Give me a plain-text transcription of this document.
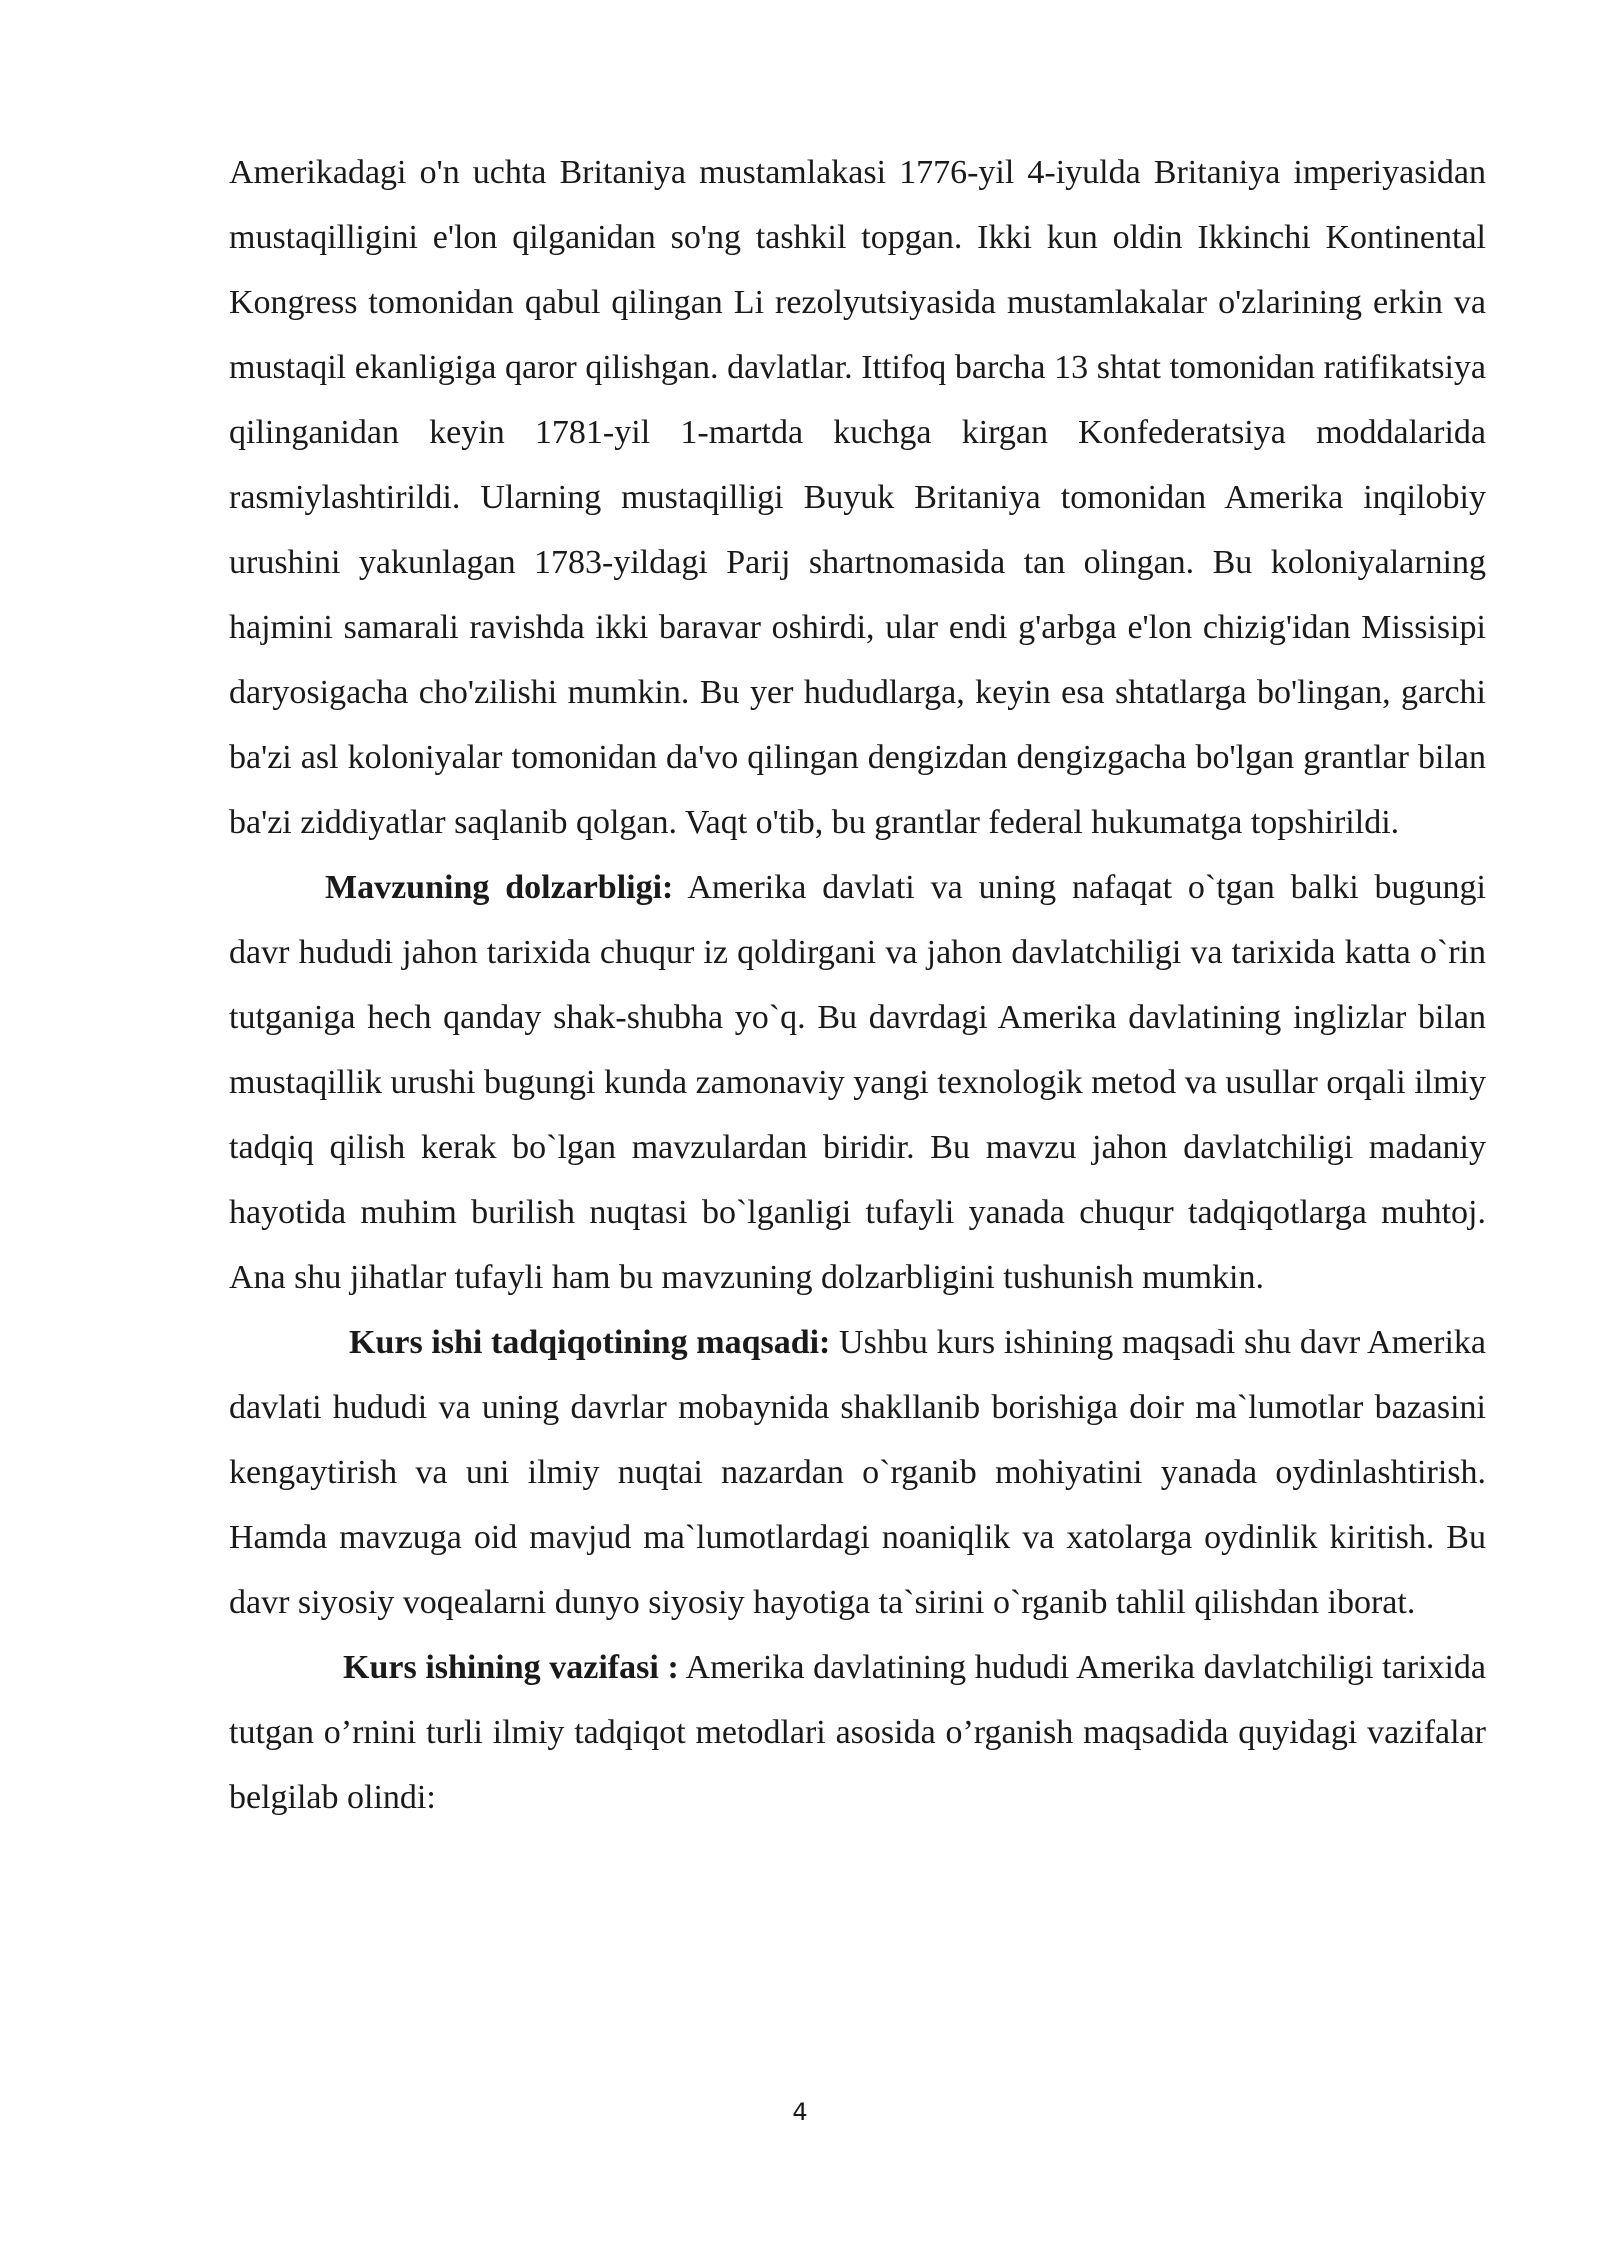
Amerikadagi o'n uchta Britaniya mustamlakasi 1776-yil 4-iyulda Britaniya imperiyasidan mustaqilligini e'lon qilganidan so'ng tashkil topgan. Ikki kun oldin Ikkinchi Kontinental Kongress tomonidan qabul qilingan Li rezolyutsiyasida mustamlakalar o'zlarining erkin va mustaqil ekanligiga qaror qilishgan. davlatlar. Ittifoq barcha 13 shtat tomonidan ratifikatsiya qilinganidan keyin 1781-yil 1-martda kuchga kirgan Konfederatsiya moddalarida rasmiylashtirildi. Ularning mustaqilligi Buyuk Britaniya tomonidan Amerika inqilobiy urushini yakunlagan 1783-yildagi Parij shartnomasida tan olingan. Bu koloniyalarning hajmini samarali ravishda ikki baravar oshirdi, ular endi g'arbga e'lon chizig'idan Missisipi daryosigacha cho'zilishi mumkin. Bu yer hududlarga, keyin esa shtatlarga bo'lingan, garchi ba'zi asl koloniyalar tomonidan da'vo qilingan dengizdan dengizgacha bo'lgan grantlar bilan ba'zi ziddiyatlar saqlanib qolgan. Vaqt o'tib, bu grantlar federal hukumatga topshirildi.

Mavzuning dolzarbligi: Amerika davlati va uning nafaqat o`tgan balki bugungi davr hududi jahon tarixida chuqur iz qoldirgani va jahon davlatchiligi va tarixida katta o`rin tutganiga hech qanday shak-shubha yo`q. Bu davrdagi Amerika davlatining inglizlar bilan mustaqillik urushi bugungi kunda zamonaviy yangi texnologik metod va usullar orqali ilmiy tadqiq qilish kerak bo`lgan mavzulardan biridir. Bu mavzu jahon davlatchiligi madaniy hayotida muhim burilish nuqtasi bo`lganligi tufayli yanada chuqur tadqiqotlarga muhtoj. Ana shu jihatlar tufayli ham bu mavzuning dolzarbligini tushunish mumkin.

Kurs ishi tadqiqotining maqsadi: Ushbu kurs ishining maqsadi shu davr Amerika davlati hududi va uning davrlar mobaynida shakllanib borishiga doir ma`lumotlar bazasini kengaytirish va uni ilmiy nuqtai nazardan o`rganib mohiyatini yanada oydinlashtirish. Hamda mavzuga oid mavjud ma`lumotlardagi noaniqlik va xatolarga oydinlik kiritish. Bu davr siyosiy voqealarni dunyo siyosiy hayotiga ta`sirini o`rganib tahlil qilishdan iborat.

Kurs ishining vazifasi : Amerika davlatining hududi Amerika davlatchiligi tarixida tutgan o’rnini turli ilmiy tadqiqot metodlari asosida o’rganish maqsadida quyidagi vazifalar belgilab olindi:

4
